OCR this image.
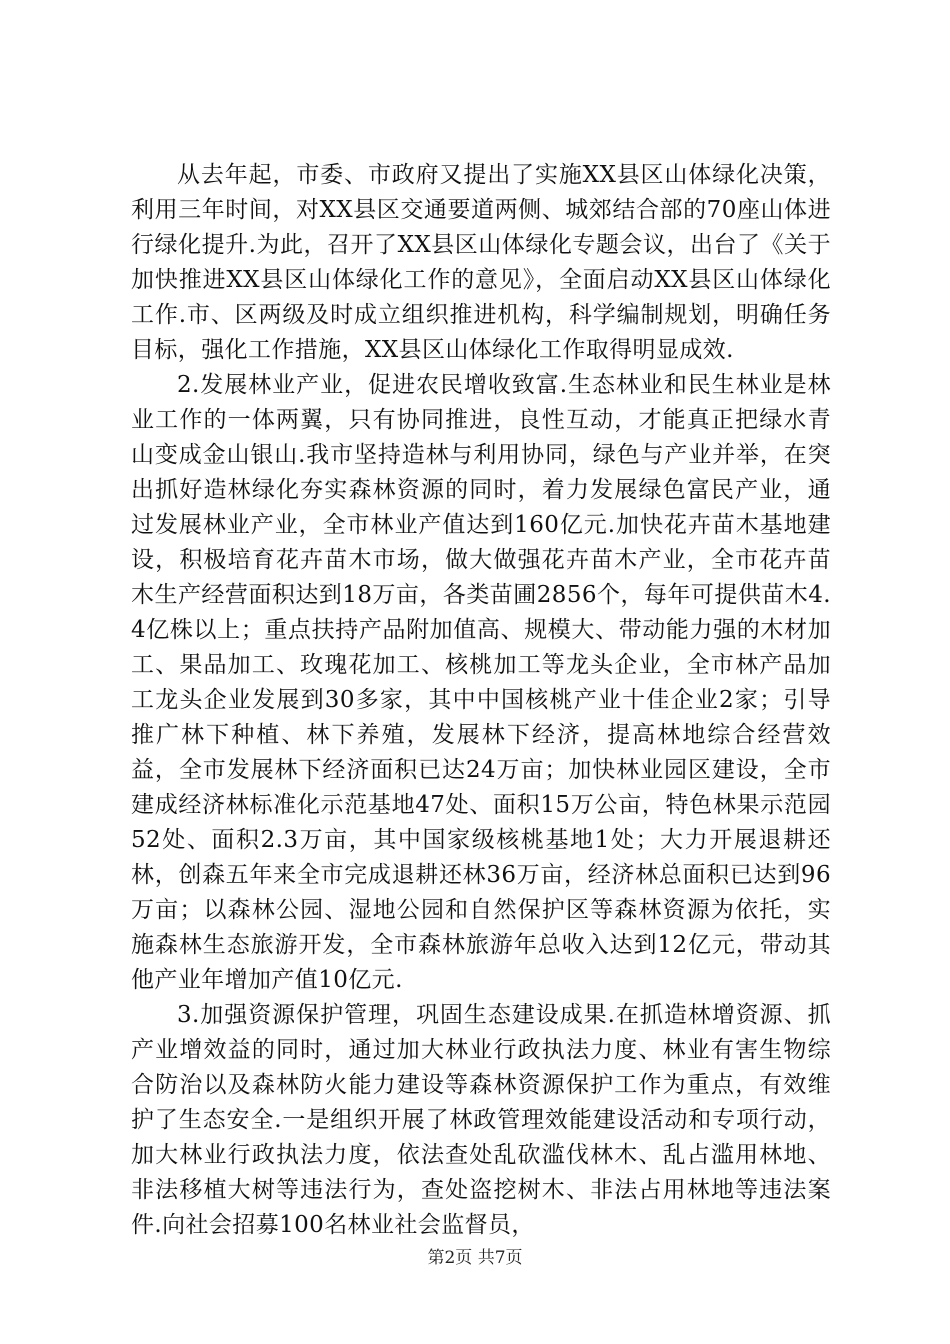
从去年起，市委、市政府又提出了实施XX县区山体绿化决策，利用三年时间，对XX县区交通要道两侧、城郊结合部的70座山体进行绿化提升.为此，召开了XX县区山体绿化专题会议，出台了《关于加快推进XX县区山体绿化工作的意见》，全面启动XX县区山体绿化工作.市、区两级及时成立组织推进机构，科学编制规划，明确任务目标，强化工作措施，XX县区山体绿化工作取得明显成效.

2.发展林业产业，促进农民增收致富.生态林业和民生林业是林业工作的一体两翼，只有协同推进，良性互动，才能真正把绿水青山变成金山银山.我市坚持造林与利用协同，绿色与产业并举，在突出抓好造林绿化夯实森林资源的同时，着力发展绿色富民产业，通过发展林业产业，全市林业产值达到160亿元.加快花卉苗木基地建设，积极培育花卉苗木市场，做大做强花卉苗木产业，全市花卉苗木生产经营面积达到18万亩，各类苗圃2856个，每年可提供苗木4.4亿株以上；重点扶持产品附加值高、规模大、带动能力强的木材加工、果品加工、玫瑰花加工、核桃加工等龙头企业，全市林产品加工龙头企业发展到30多家，其中中国核桃产业十佳企业2家；引导推广林下种植、林下养殖，发展林下经济，提高林地综合经营效益，全市发展林下经济面积已达24万亩；加快林业园区建设，全市建成经济林标准化示范基地47处、面积15万公亩，特色林果示范园52处、面积2.3万亩，其中国家级核桃基地1处；大力开展退耕还林，创森五年来全市完成退耕还林36万亩，经济林总面积已达到96万亩；以森林公园、湿地公园和自然保护区等森林资源为依托，实施森林生态旅游开发，全市森林旅游年总收入达到12亿元，带动其他产业年增加产值10亿元.

3.加强资源保护管理，巩固生态建设成果.在抓造林增资源、抓产业增效益的同时，通过加大林业行政执法力度、林业有害生物综合防治以及森林防火能力建设等森林资源保护工作为重点，有效维护了生态安全.一是组织开展了林政管理效能建设活动和专项行动，加大林业行政执法力度，依法查处乱砍滥伐林木、乱占滥用林地、非法移植大树等违法行为，查处盗挖树木、非法占用林地等违法案件.向社会招募100名林业社会监督员，

第2页 共7页
